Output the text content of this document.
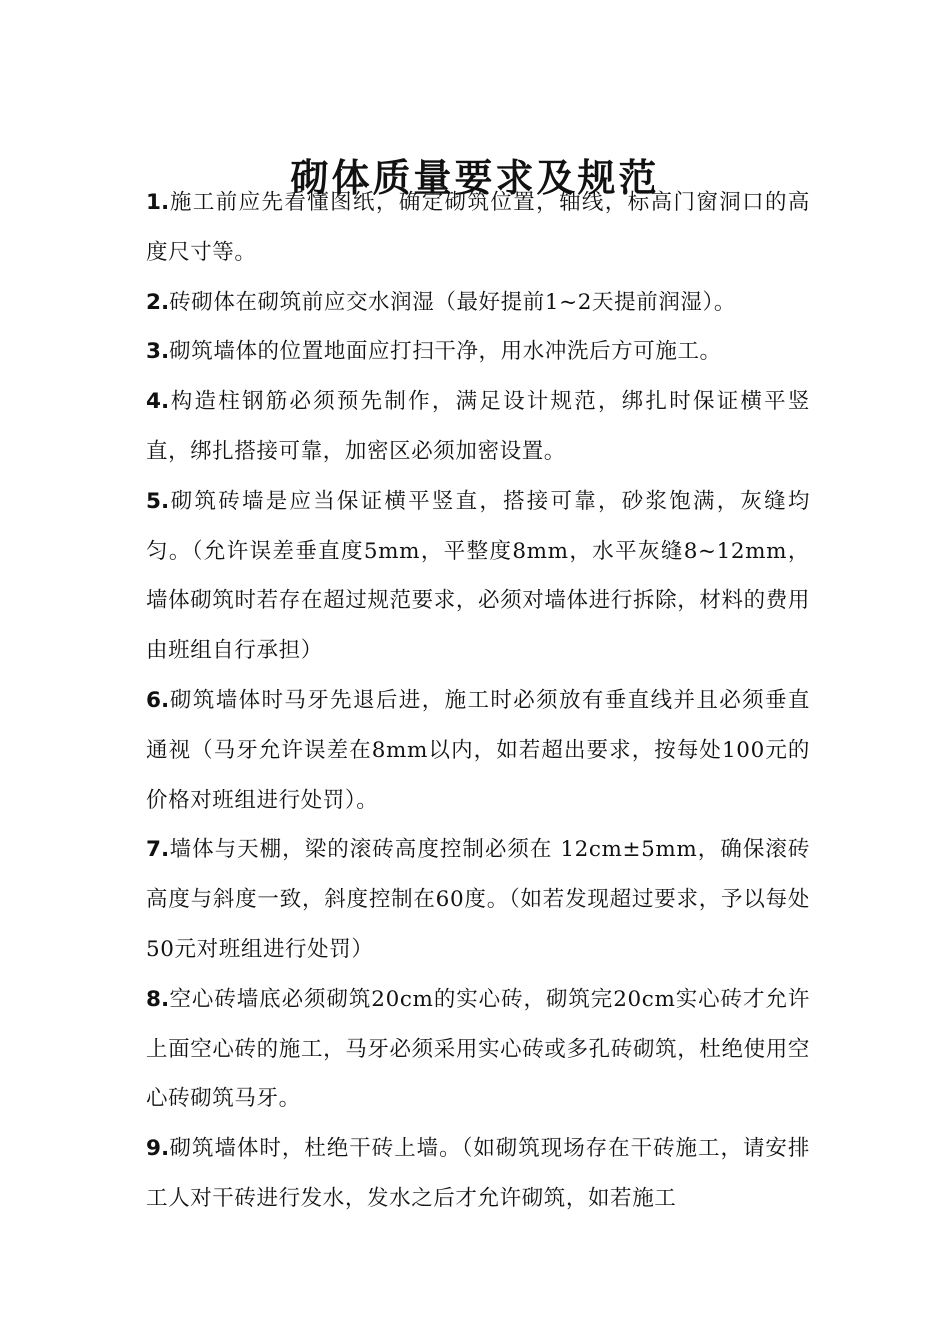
砌体质量要求及规范

1.施工前应先看懂图纸，确定砌筑位置，轴线，标高门窗洞口的高度尺寸等。

2.砖砌体在砌筑前应交水润湿（最好提前1~2天提前润湿）。

3.砌筑墙体的位置地面应打扫干净，用水冲洗后方可施工。

4.构造柱钢筋必须预先制作，满足设计规范，绑扎时保证横平竖直，绑扎搭接可靠，加密区必须加密设置。

5.砌筑砖墙是应当保证横平竖直，搭接可靠，砂浆饱满，灰缝均匀。（允许误差垂直度5mm，平整度8mm，水平灰缝8~12mm，墙体砌筑时若存在超过规范要求，必须对墙体进行拆除，材料的费用由班组自行承担）

6.砌筑墙体时马牙先退后进，施工时必须放有垂直线并且必须垂直通视（马牙允许误差在8mm以内，如若超出要求，按每处100元的价格对班组进行处罚）。

7.墙体与天棚，梁的滚砖高度控制必须在 12cm±5mm，确保滚砖高度与斜度一致，斜度控制在60度。（如若发现超过要求，予以每处50元对班组进行处罚）

8.空心砖墙底必须砌筑20cm的实心砖，砌筑完20cm实心砖才允许上面空心砖的施工，马牙必须采用实心砖或多孔砖砌筑，杜绝使用空心砖砌筑马牙。

9.砌筑墙体时，杜绝干砖上墙。（如砌筑现场存在干砖施工，请安排工人对干砖进行发水，发水之后才允许砌筑，如若施工
